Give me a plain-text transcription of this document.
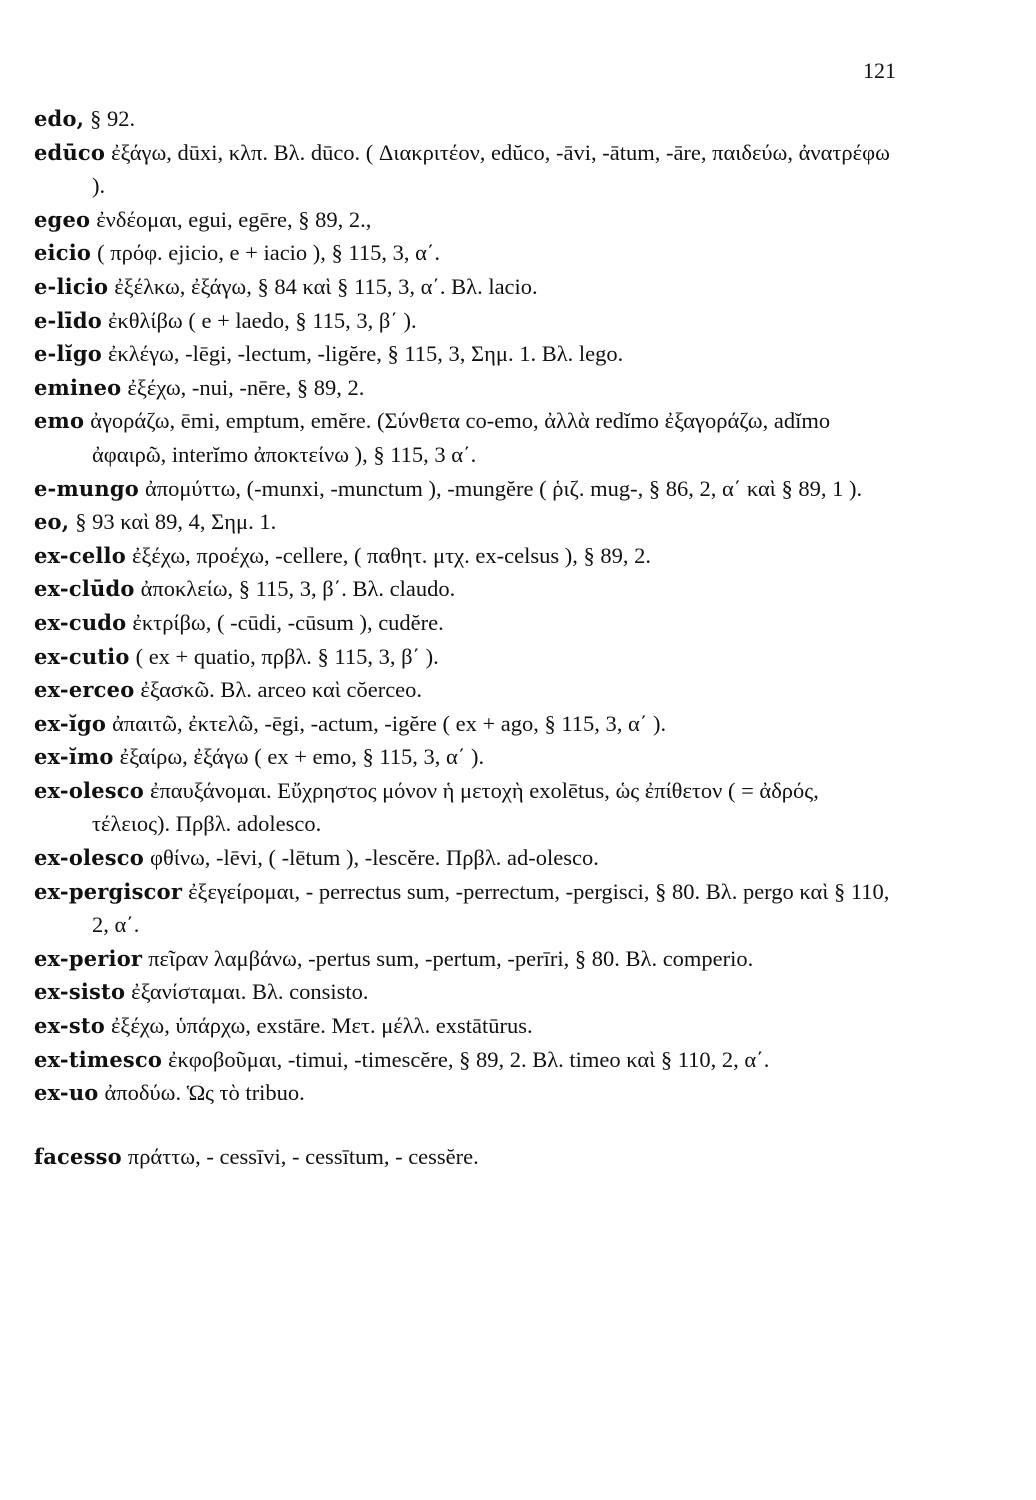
121

edo, § 92.

edūco ἐξάγω, dūxi, κλπ. Βλ. dūco. ( Διακριτέον, edŭco, -āvi, -ātum, -āre, παιδεύω, ἀνατρέφω ).

egeo ἐνδέομαι, egui, egēre, § 89, 2.,

eicio ( πρόφ. ejicio, e + iacio ), § 115, 3, α΄.

e-licio ἐξέλκω, ἐξάγω, § 84 καὶ § 115, 3, α΄. Βλ. lacio.

e-līdo ἐκθλίβω ( e + laedo, § 115, 3, β΄ ).

e-lĭgo ἐκλέγω, -lēgi, -lectum, -ligĕre, § 115, 3, Σημ. 1. Βλ. lego.

emineo ἐξέχω, -nui, -nēre, § 89, 2.

emo ἀγοράζω, ēmi, emptum, emĕre. (Σύνθετα co-emo, ἀλλὰ redĭmo ἐξαγοράζω, adĭmo ἀφαιρῶ, interĭmo ἀποκτείνω ), § 115, 3 α΄.

e-mungo ἀπομύττω, (-munxi, -munctum ), -mungĕre ( ῥιζ. mug-, § 86, 2, α΄ καὶ § 89, 1 ).

eo, § 93 καὶ 89, 4, Σημ. 1.

ex-cello ἐξέχω, προέχω, -cellere, ( παθητ. μτχ. ex-celsus ), § 89, 2.

ex-clūdo ἀποκλείω, § 115, 3, β΄. Βλ. claudo.

ex-cudo ἐκτρίβω, ( -cūdi, -cūsum ), cudĕre.

ex-cutio ( ex + quatio, πρβλ. § 115, 3, β΄ ).

ex-erceo ἐξασκῶ. Βλ. arceo καὶ cŏerceo.

ex-ĭgo ἀπαιτῶ, ἐκτελῶ, -ēgi, -actum, -igĕre ( ex + ago, § 115, 3, α΄ ).

ex-ĭmo ἐξαίρω, ἐξάγω ( ex + emo, § 115, 3, α΄ ).

ex-olesco ἐπαυξάνομαι. Εὔχρηστος μόνον ἡ μετοχὴ exolētus, ὡς ἐπίθετον ( = ἀδρός, τέλειος). Πρβλ. adolesco.

ex-olesco φθίνω, -lēvi, ( -lētum ), -lescĕre. Πρβλ. ad-olesco.

ex-pergiscor ἐξεγείρομαι, - perrectus sum, -perrectum, -pergisci, § 80. Βλ. pergo καὶ § 110, 2, α΄.

ex-perior πεῖραν λαμβάνω, -pertus sum, -pertum, -perīri, § 80. Βλ. comperio.

ex-sisto ἐξανίσταμαι. Βλ. consisto.

ex-sto ἐξέχω, ὑπάρχω, exstāre. Μετ. μέλλ. exstātūrus.

ex-timesco ἐκφοβοῦμαι, -timui, -timescĕre, § 89, 2. Βλ. timeo καὶ § 110, 2, α΄.

ex-uo ἀποδύω. Ὡς τὸ tribuo.

facesso πράττω, - cessīvi, - cessītum, - cessĕre.
